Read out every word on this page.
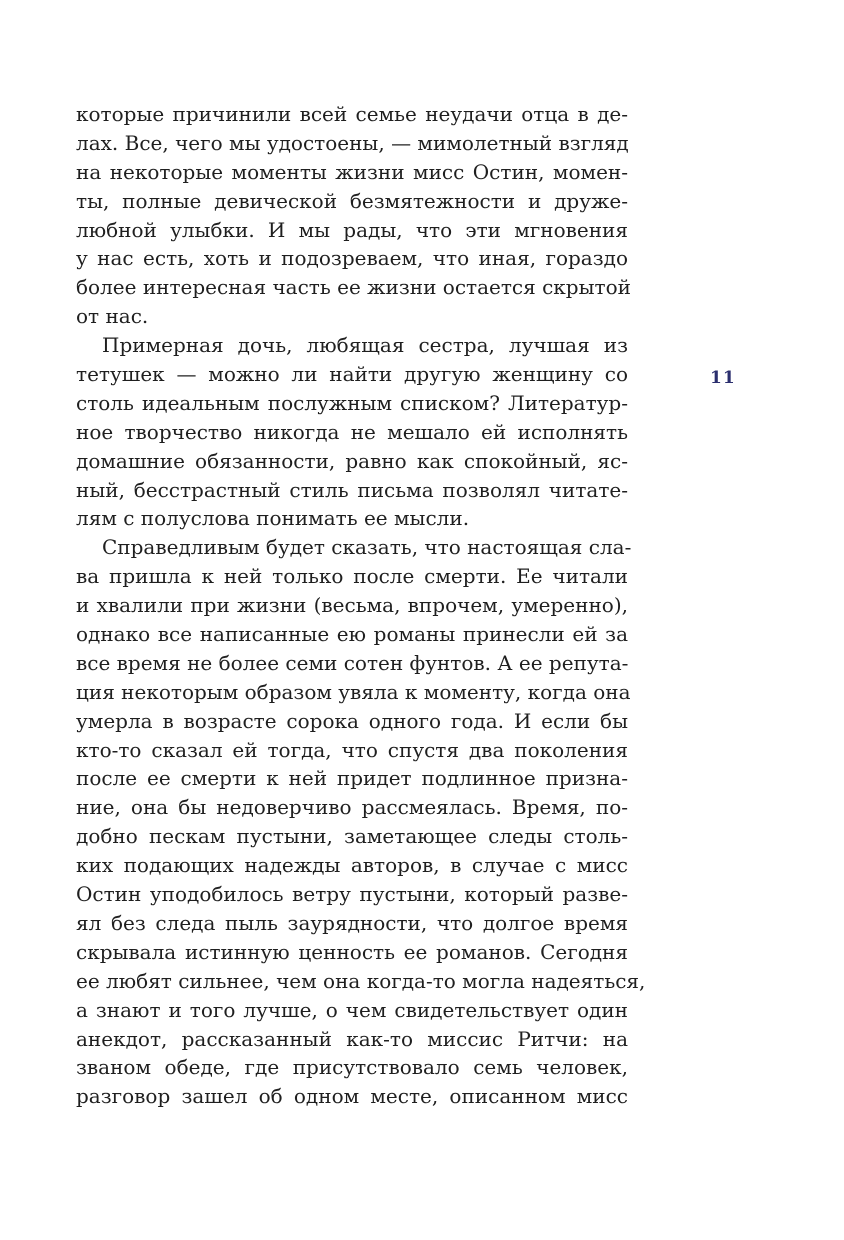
которые причинили всей семье неудачи отца в де-
лах. Все, чего мы удостоены, — мимолетный взгляд
на некоторые моменты жизни мисс Остин, момен-
ты, полные девической безмятежности и друже-
любной улыбки. И мы рады, что эти мгновения
у нас есть, хоть и подозреваем, что иная, гораздо
более интересная часть ее жизни остается скрытой
от нас.
Примерная дочь, любящая сестра, лучшая из
тетушек — можно ли найти другую женщину со
столь идеальным послужным списком? Литератур-
ное творчество никогда не мешало ей исполнять
домашние обязанности, равно как спокойный, яс-
ный, бесстрастный стиль письма позволял читате-
лям с полуслова понимать ее мысли.
Справедливым будет сказать, что настоящая сла-
ва пришла к ней только после смерти. Ее читали
и хвалили при жизни (весьма, впрочем, умеренно),
однако все написанные ею романы принесли ей за
все время не более семи сотен фунтов. А ее репута-
ция некоторым образом увяла к моменту, когда она
умерла в возрасте сорока одного года. И если бы
кто-то сказал ей тогда, что спустя два поколения
после ее смерти к ней придет подлинное призна-
ние, она бы недоверчиво рассмеялась. Время, по-
добно пескам пустыни, заметающее следы столь-
ких подающих надежды авторов, в случае с мисс
Остин уподобилось ветру пустыни, который разве-
ял без следа пыль заурядности, что долгое время
скрывала истинную ценность ее романов. Сегодня
ее любят сильнее, чем она когда-то могла надеяться,
а знают и того лучше, о чем свидетельствует один
анекдот, рассказанный как-то миссис Ритчи: на
званом обеде, где присутствовало семь человек,
разговор зашел об одном месте, описанном мисс
11
